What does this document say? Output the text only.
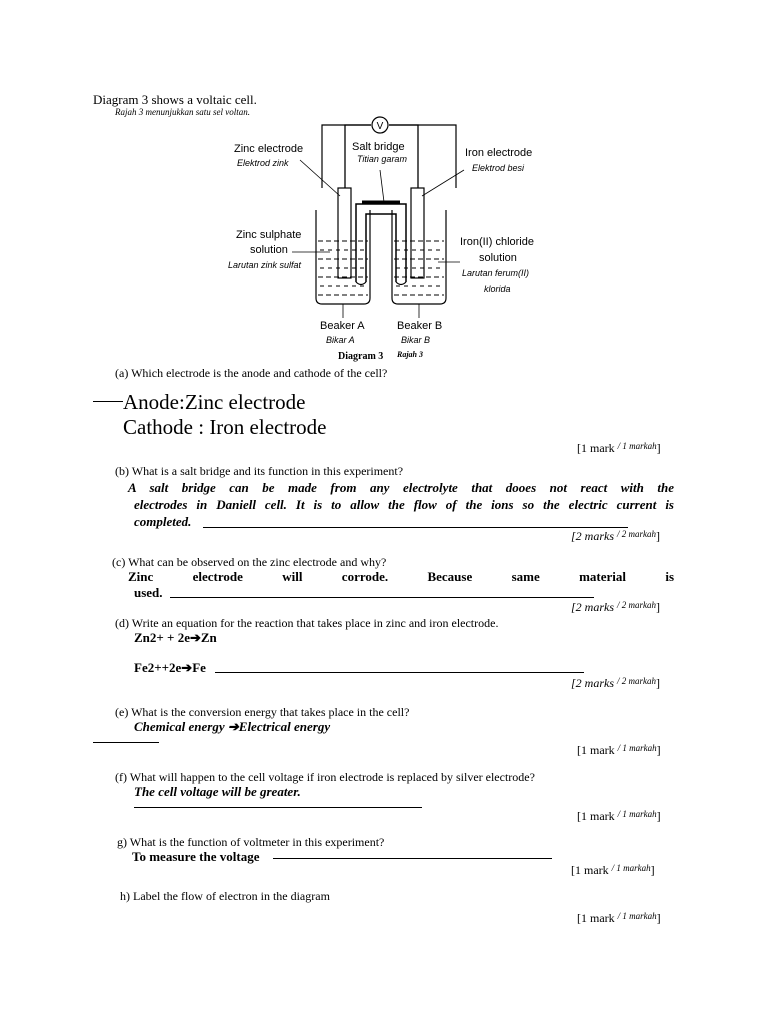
Diagram 3 shows a voltaic cell.
Rajah 3 menunjukkan satu sel voltan.
V
Zinc electrode
Elektrod zink
Salt bridge
Titian garam	Iron electrode
Elektrod besi
Zinc sulphate
solution
Larutan zink sulfat
Iron(II) chloride
solution
Larutan ferum(II)
klorida
Beaker A
Bikar A
Beaker B
Bikar B
Diagram 3 Rajah 3
(a) Which electrode is the anode and cathode of the cell?
Anode:Zinc electrode
Cathode : Iron electrode
[1 mark $^{/ 1 markah}$]
(b) What is a salt bridge and its function in this experiment?
A salt bridge can be made from any electrolyte that dooes not react with the
electrodes in Daniell cell. It is to allow the flow of the ions so the electric current is
completed.
[2 marks $^{/ 2 markah}$]
(c) What can be observed on the zinc electrode and why?
Zinc electrode will corrode. Because same material is
used.
[2 marks $^{/ 2 markah}$]
(d) Write an equation for the reaction that takes place in zinc and iron electrode.
Zn2+ + 2e➔Zn
Fe2++2e➔Fe
[2 marks $^{/ 2 markah}$]
(e) What is the conversion energy that takes place in the cell?
Chemical energy ➔Electrical energy
[1 mark $^{/ 1 markah}$]
(f) What will happen to the cell voltage if iron electrode is replaced by silver electrode?
The cell voltage will be greater.
[1 mark $^{/ 1 markah}$]
g) What is the function of voltmeter in this experiment?
To measure the voltage
[1 mark $^{/ 1 markah}$]
h) Label the flow of electron in the diagram
[1 mark $^{/ 1 markah}$]
